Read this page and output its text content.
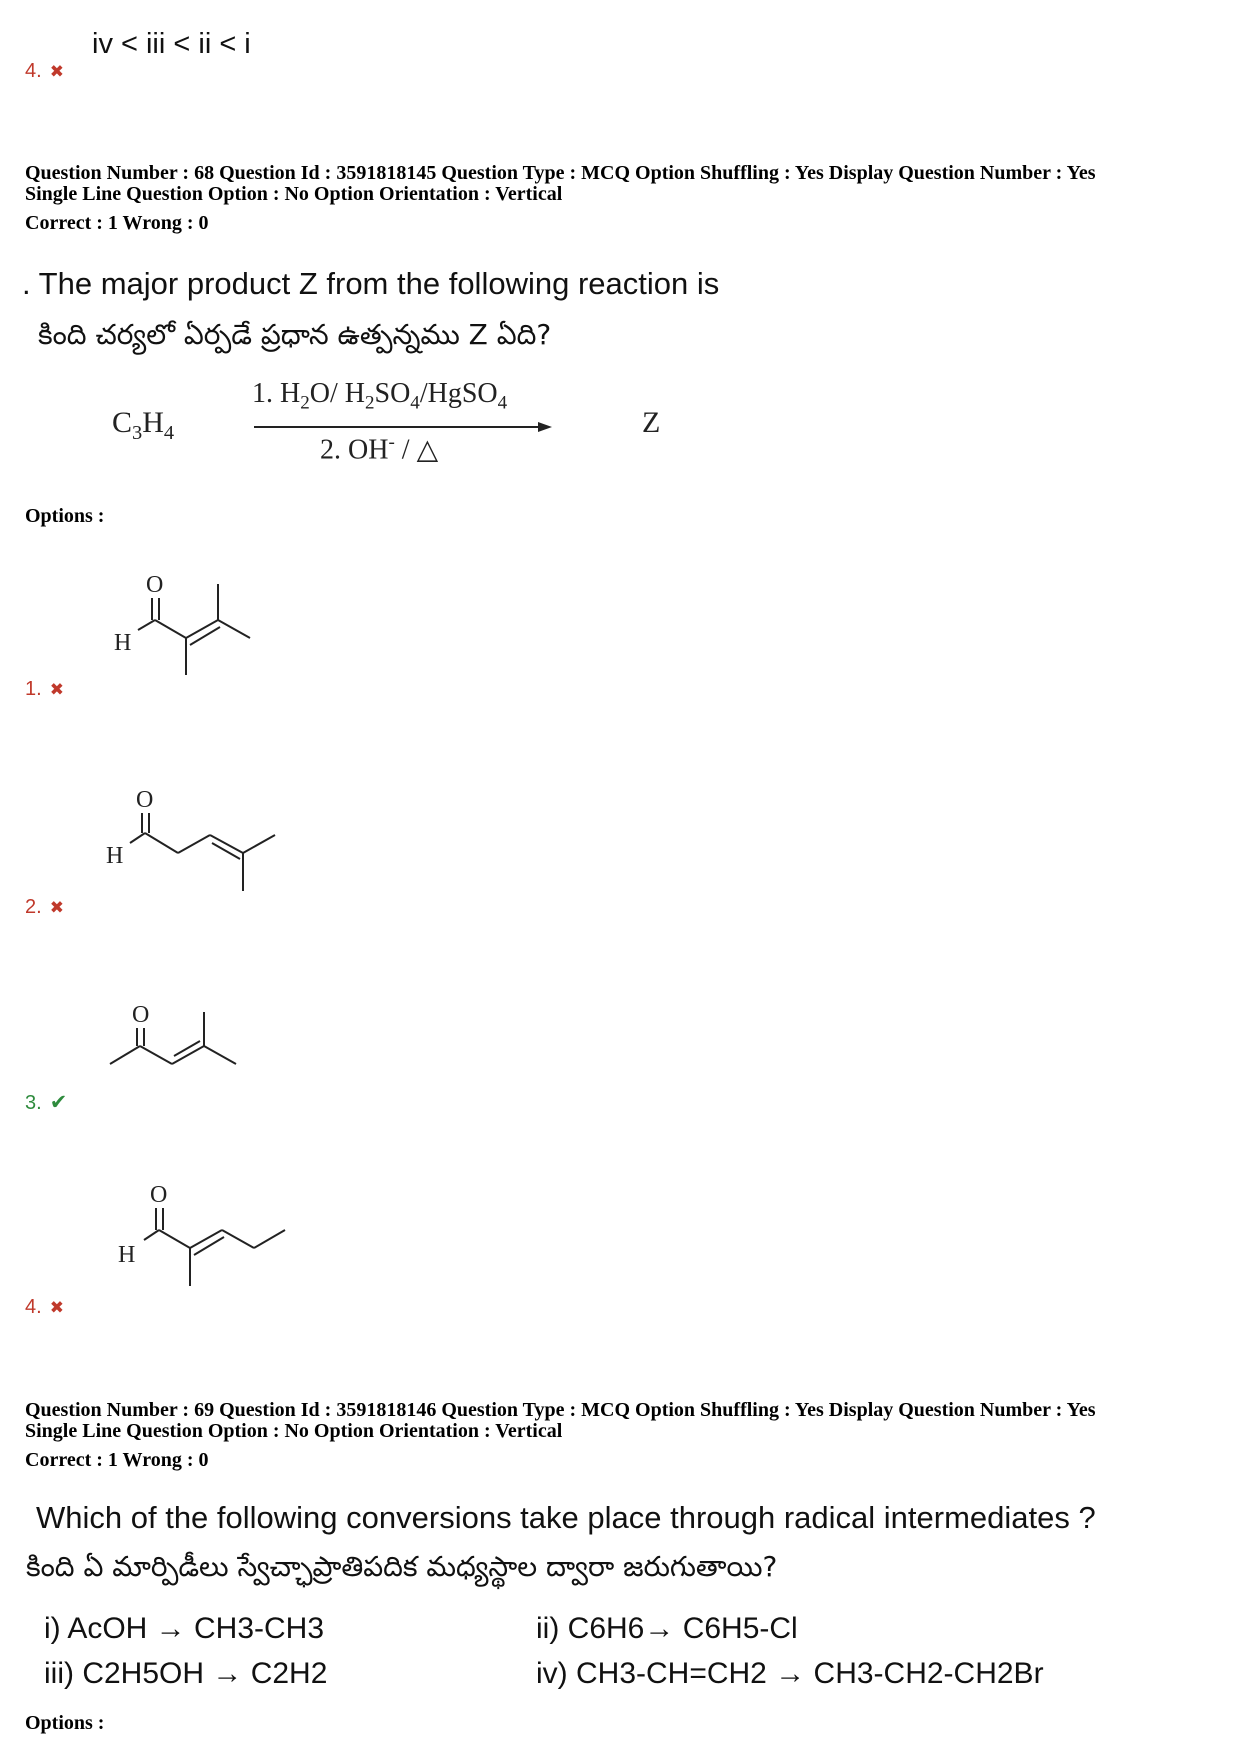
iv < iii < ii < i
4. ✖
Question Number : 68 Question Id : 3591818145 Question Type : MCQ Option Shuffling : Yes Display Question Number : Yes
Single Line Question Option : No Option Orientation : Vertical
Correct : 1 Wrong : 0
. The major product Z from the following reaction is
కింది చర్యలో ఏర్పడే ప్రధాన ఉత్పన్నము Z ఏది?
$C_3H_4$
1. $H_2O/$ $H_2SO_4/HgSO_4$
2. OH- / △
Z
Options :
O
H
1. ✖
O
H
2. ✖
O
3. ✔
O
H
4. ✖
Question Number : 69 Question Id : 3591818146 Question Type : MCQ Option Shuffling : Yes Display Question Number : Yes
Single Line Question Option : No Option Orientation : Vertical
Correct : 1 Wrong : 0
Which of the following conversions take place through radical intermediates ?
కింది ఏ మార్పిడీలు స్వేచ్ఛాప్రాతిపదిక మధ్యస్థాల ద్వారా జరుగుతాయి?
i) AcOH → CH3-CH3	ii) C6H6→ C6H5-Cl
iii) C2H5OH → C2H2	iv) CH3-CH=CH2 → CH3-CH2-CH2Br
Options :
